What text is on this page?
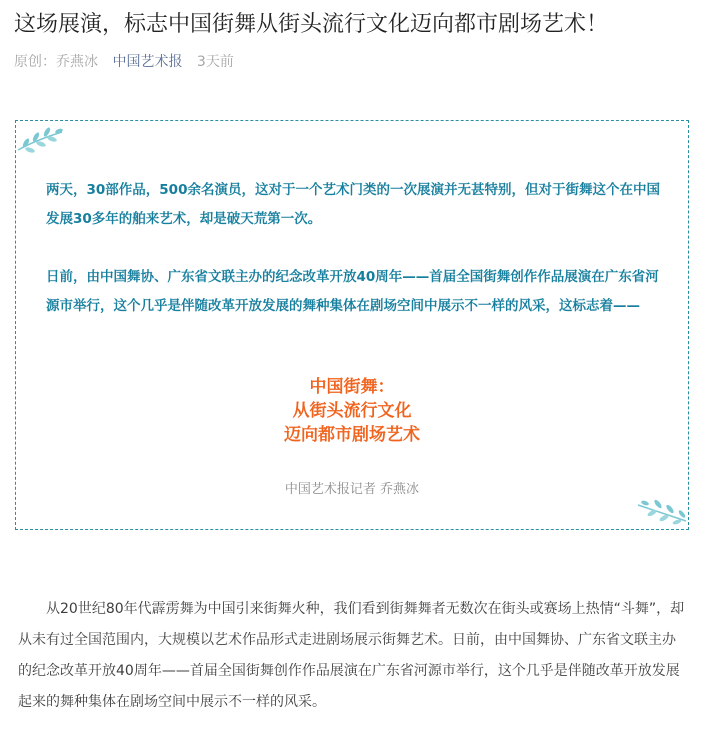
这场展演，标志中国街舞从街头流行文化迈向都市剧场艺术！
原创：乔燕冰 中国艺术报 3天前

两天，30部作品，500余名演员，这对于一个艺术门类的一次展演并无甚特别，但对于街舞这个在中国发展30多年的舶来艺术，却是破天荒第一次。

日前，由中国舞协、广东省文联主办的纪念改革开放40周年——首届全国街舞创作作品展演在广东省河源市举行，这个几乎是伴随改革开放发展的舞种集体在剧场空间中展示不一样的风采，这标志着——

中国街舞：
从街头流行文化
迈向都市剧场艺术

中国艺术报记者 乔燕冰

从20世纪80年代霹雳舞为中国引来街舞火种，我们看到街舞舞者无数次在街头或赛场上热情“斗舞”，却从未有过全国范围内，大规模以艺术作品形式走进剧场展示街舞艺术。日前，由中国舞协、广东省文联主办的纪念改革开放40周年——首届全国街舞创作作品展演在广东省河源市举行，这个几乎是伴随改革开放发展起来的舞种集体在剧场空间中展示不一样的风采。
